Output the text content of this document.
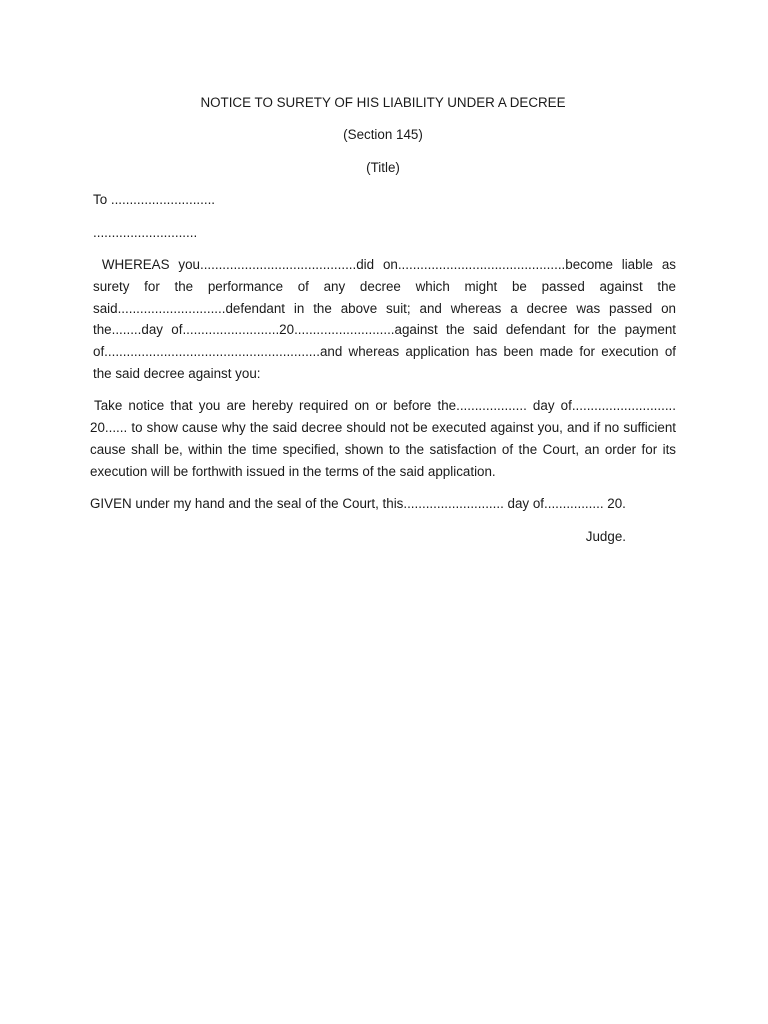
NOTICE TO SURETY OF HIS LIABILITY UNDER A DECREE

(Section 145)

(Title)

To ............................

............................

WHEREAS you..........................................did on.............................................become liable as surety for the performance of any decree which might be passed against the said.............................defendant in the above suit; and whereas a decree was passed on the........day of..........................20...........................against the said defendant for the payment of..........................................................and whereas application has been made for execution of the said decree against you:

Take notice that you are hereby required on or before the................... day of............................ 20...... to show cause why the said decree should not be executed against you, and if no sufficient cause shall be, within the time specified, shown to the satisfaction of the Court, an order for its execution will be forthwith issued in the terms of the said application.

GIVEN under my hand and the seal of the Court, this........................... day of................ 20.

Judge.
